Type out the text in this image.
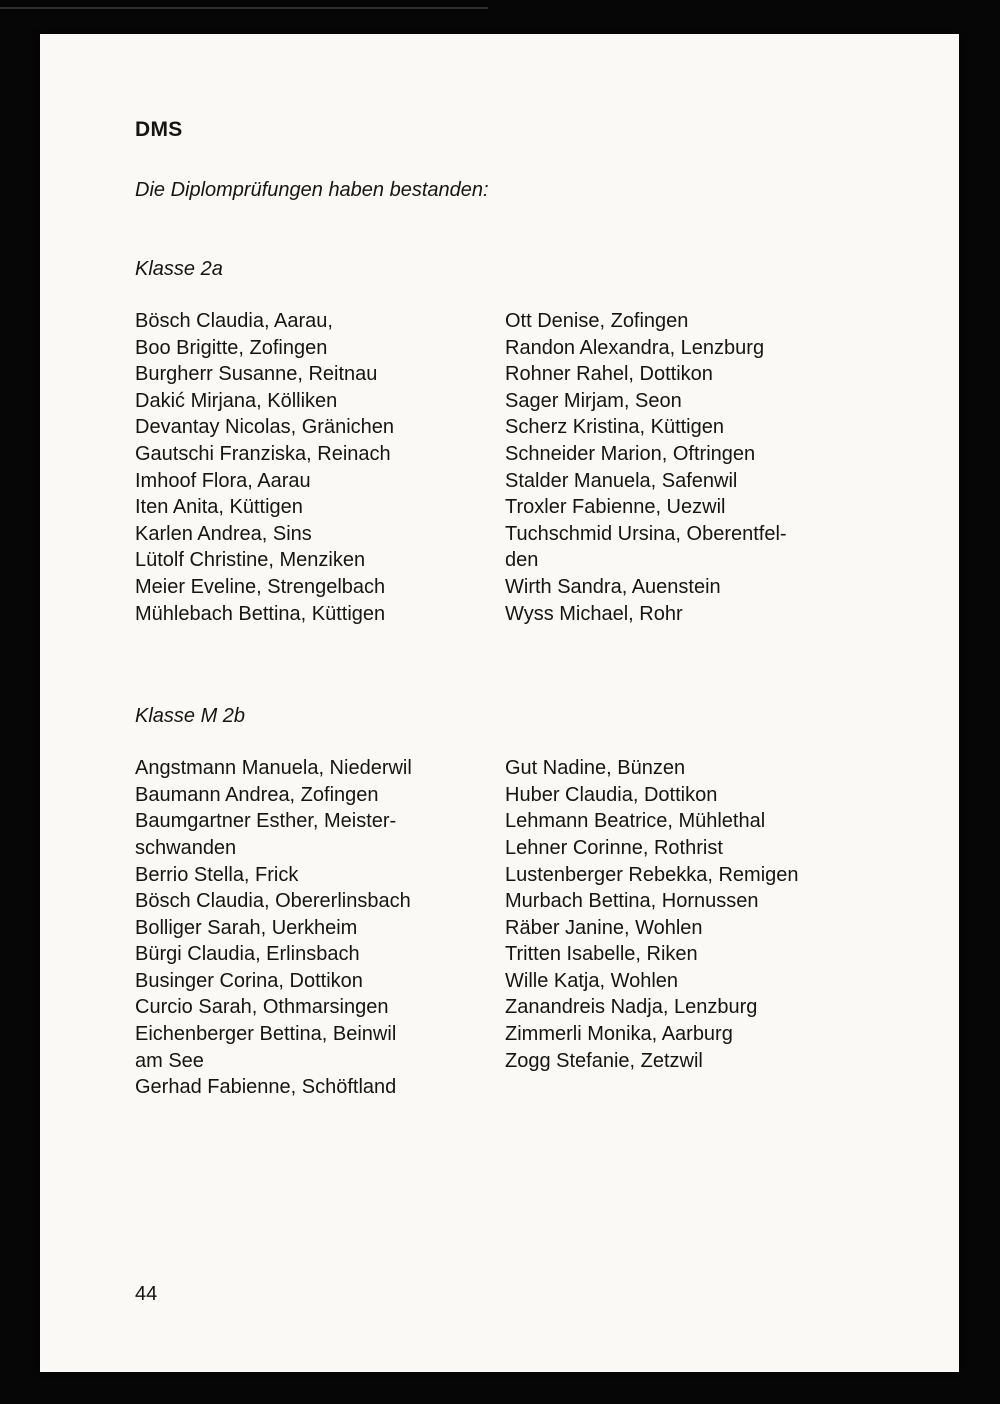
DMS
Die Diplomprüfungen haben bestanden:
Klasse 2a
Bösch Claudia, Aarau,
Boo Brigitte, Zofingen
Burgherr Susanne, Reitnau
Dakić Mirjana, Kölliken
Devantay Nicolas, Gränichen
Gautschi Franziska, Reinach
Imhoof Flora, Aarau
Iten Anita, Küttigen
Karlen Andrea, Sins
Lütolf Christine, Menziken
Meier Eveline, Strengelbach
Mühlebach Bettina, Küttigen
Ott Denise, Zofingen
Randon Alexandra, Lenzburg
Rohner Rahel, Dottikon
Sager Mirjam, Seon
Scherz Kristina, Küttigen
Schneider Marion, Oftringen
Stalder Manuela, Safenwil
Troxler Fabienne, Uezwil
Tuchschmid Ursina, Oberentfel-
den
Wirth Sandra, Auenstein
Wyss Michael, Rohr
Klasse M 2b
Angstmann Manuela, Niederwil
Baumann Andrea, Zofingen
Baumgartner Esther, Meister-
schwanden
Berrio Stella, Frick
Bösch Claudia, Obererlinsbach
Bolliger Sarah, Uerkheim
Bürgi Claudia, Erlinsbach
Businger Corina, Dottikon
Curcio Sarah, Othmarsingen
Eichenberger Bettina, Beinwil
am See
Gerhad Fabienne, Schöftland
Gut Nadine, Bünzen
Huber Claudia, Dottikon
Lehmann Beatrice, Mühlethal
Lehner Corinne, Rothrist
Lustenberger Rebekka, Remigen
Murbach Bettina, Hornussen
Räber Janine, Wohlen
Tritten Isabelle, Riken
Wille Katja, Wohlen
Zanandreis Nadja, Lenzburg
Zimmerli Monika, Aarburg
Zogg Stefanie, Zetzwil
44
